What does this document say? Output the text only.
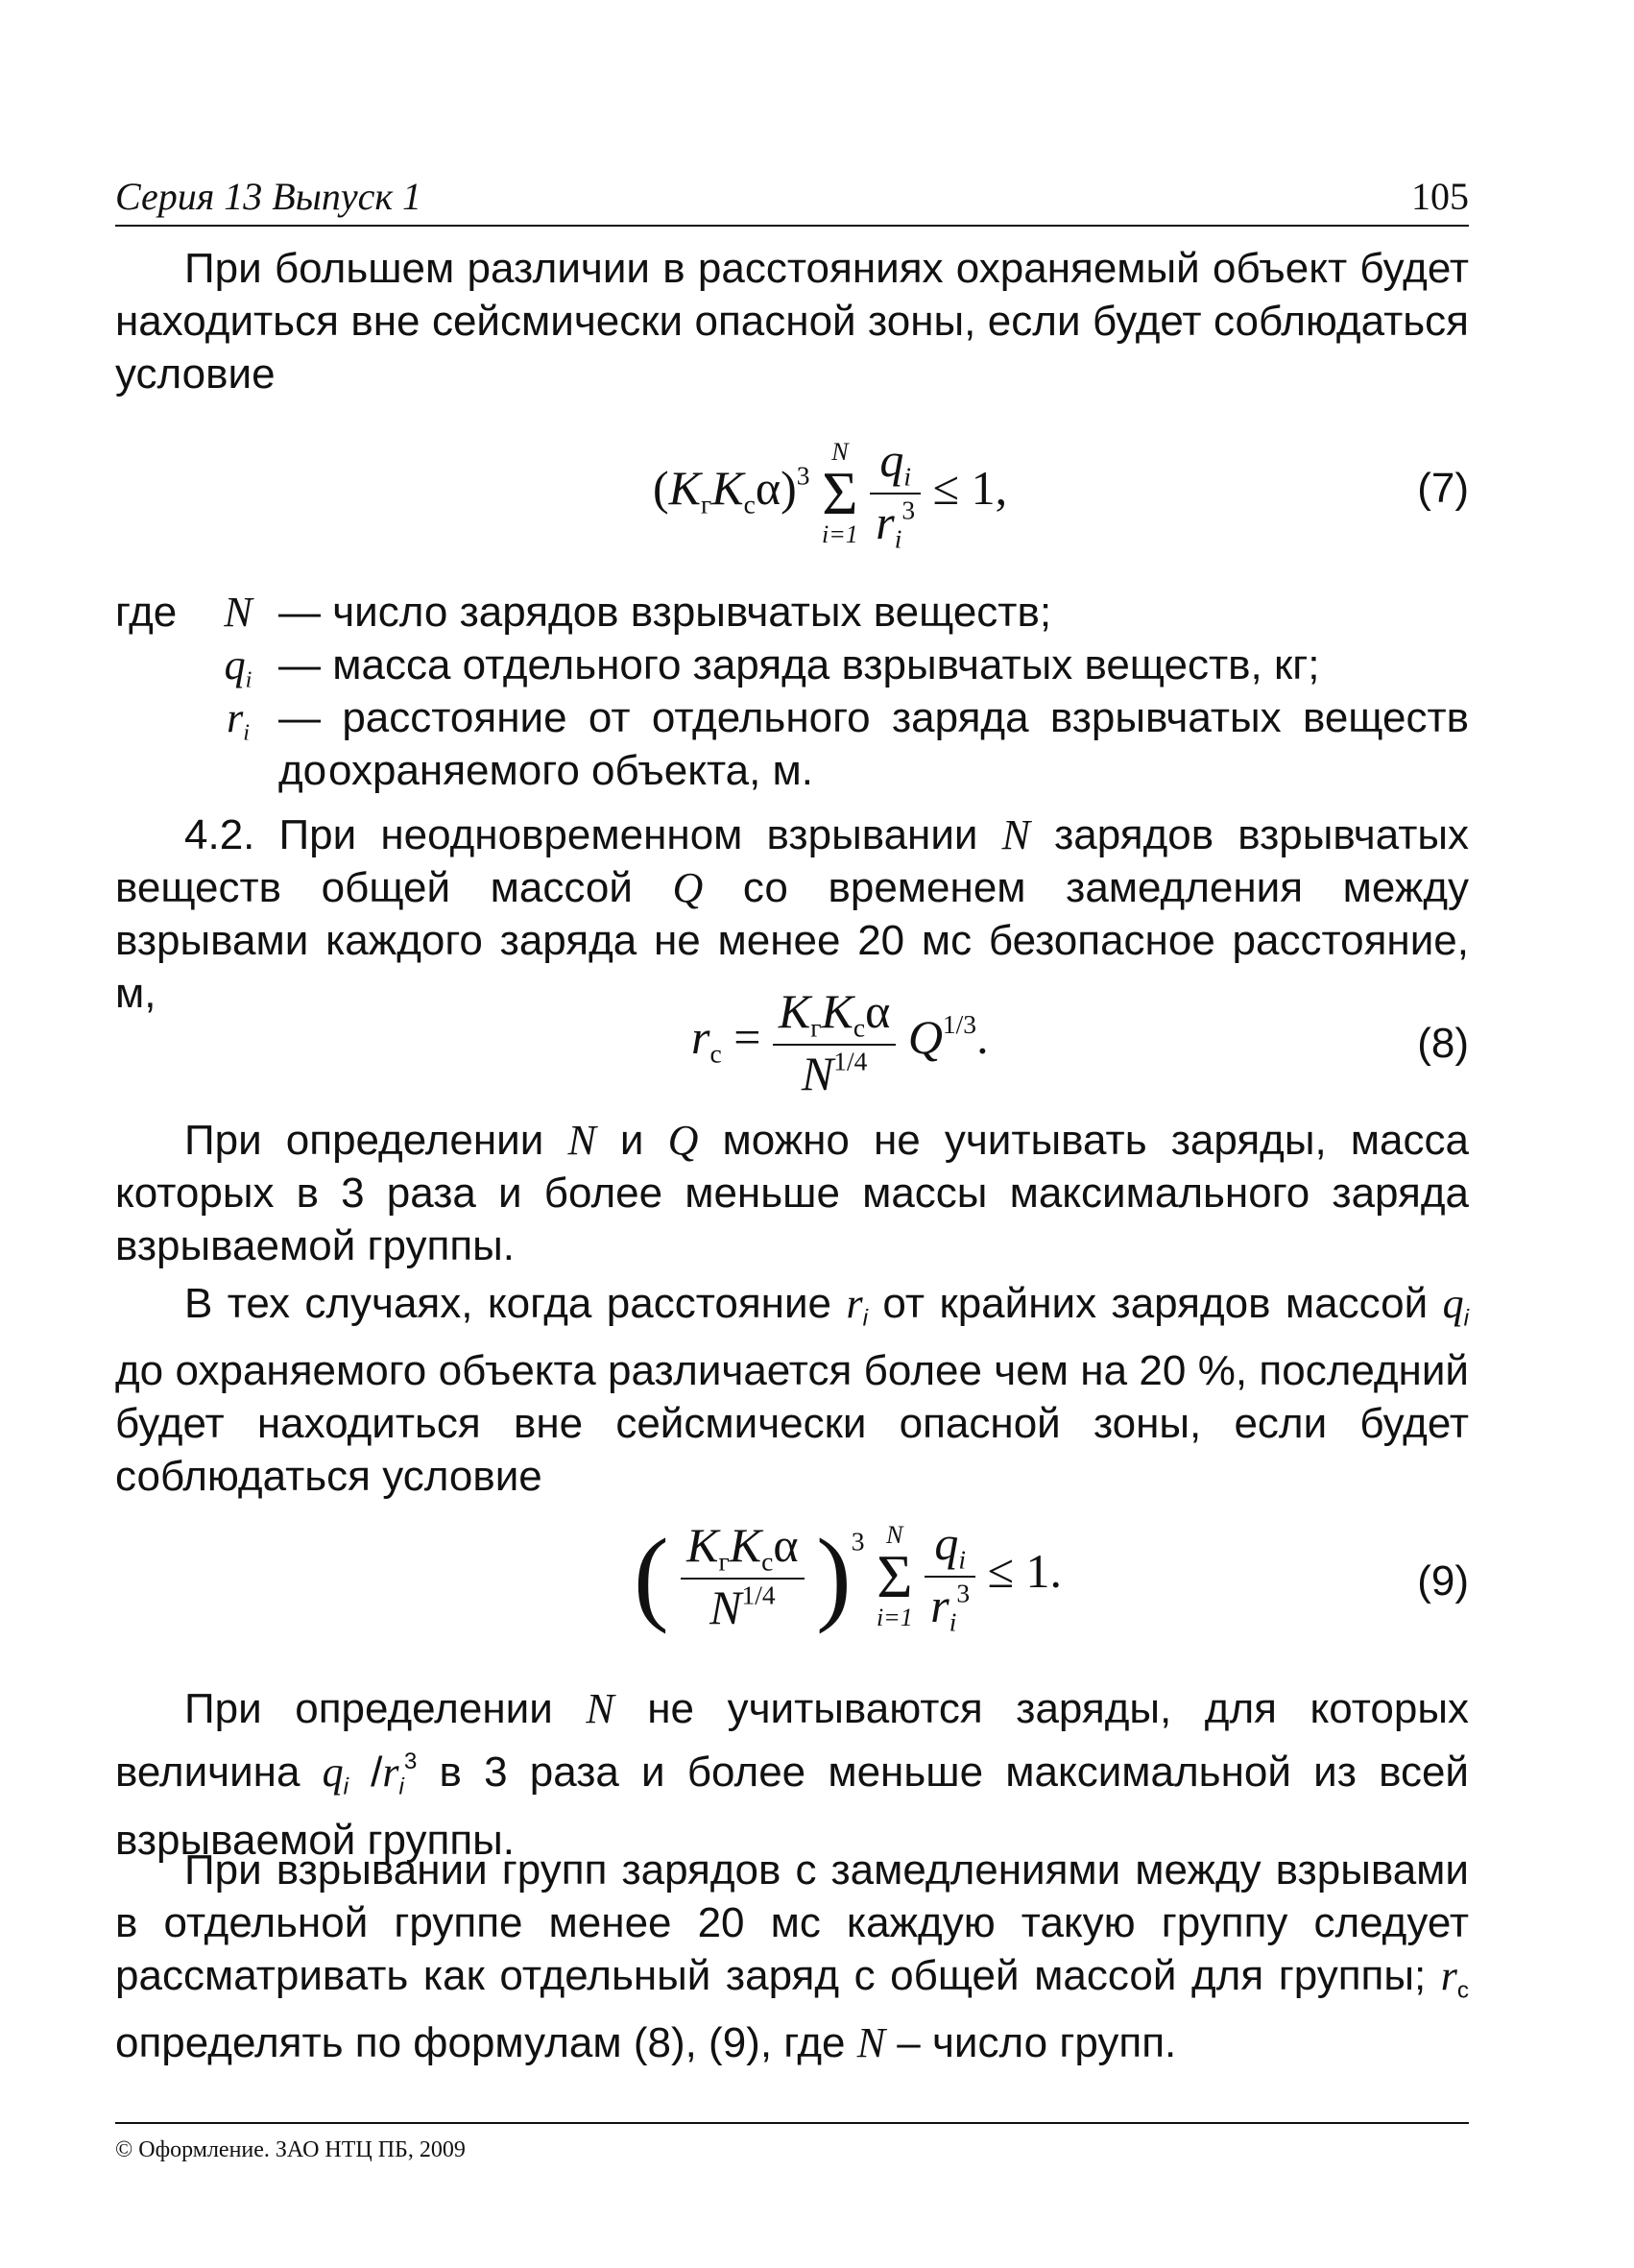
Серия 13 Выпуск 1	105

При большем различии в расстояниях охраняемый объект будет находиться вне сейсмически опасной зоны, если будет соблюдаться условие

$(K_гK_с\alpha)^3$
N
Σ
i=1
$\frac{qi}{ri^3} \le 1$,	(7)
где	N — число зарядов взрывчатых веществ;
qi — масса отдельного заряда взрывчатых веществ, кг;
ri — расстояние от отдельного заряда взрывчатых веществ до охраняемого объекта, м.

4.2. При неодновременном взрывании N зарядов взрывчатых веществ общей массой Q со временем замедления между взрывами каждого заряда не менее 20 мс безопасное расстояние, м,

$r_с = \frac{K_гK_с\alpha}{N^{1/4}} Q^{1/3}$.	(8)

При определении N и Q можно не учитывать заряды, масса которых в 3 раза и более меньше массы максимального заряда взрываемой группы.

В тех случаях, когда расстояние ri от крайних зарядов массой qi до охраняемого объекта различается более чем на 20 %, последний будет находиться вне сейсмически опасной зоны, если будет соблюдаться условие

( $\frac{K_гK_с\alpha}{N^{1/4}} )^3$ N
Σ
i=1
$\frac{qi}{ri^3} \le 1$.	(9)

При определении N не учитываются заряды, для которых величина qi $/ri^3$ в 3 раза и более меньше максимальной из всей взрываемой группы.

При взрывании групп зарядов с замедлениями между взрывами в отдельной группе менее 20 мс каждую такую группу следует рассматривать как отдельный заряд с общей массой для группы; $r_с$ определять по формулам (8), (9), где N – число групп.

© Оформление. ЗАО НТЦ ПБ, 2009
